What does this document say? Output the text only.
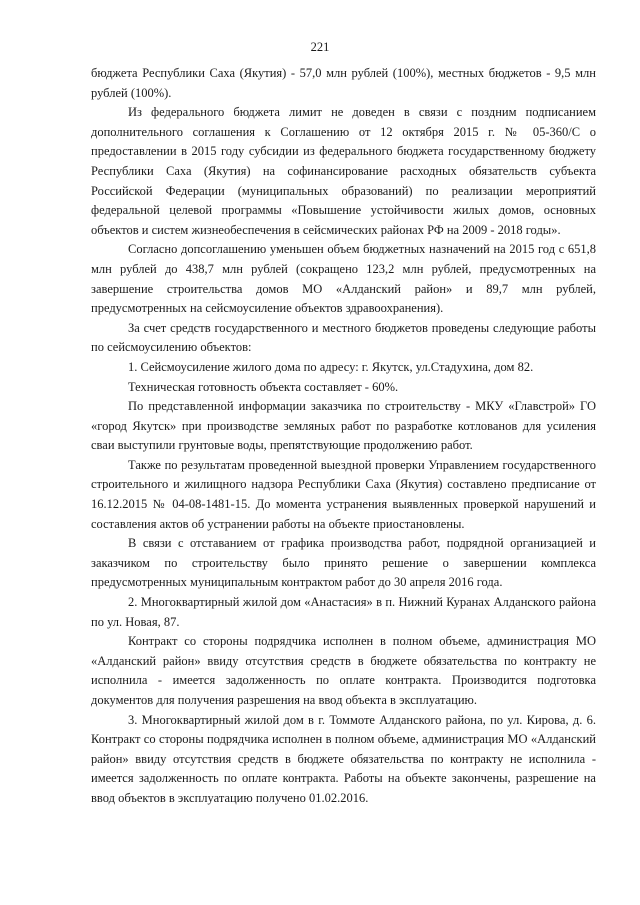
221

бюджета Республики Саха (Якутия) - 57,0 млн рублей (100%), местных бюджетов - 9,5 млн рублей (100%).

Из федерального бюджета лимит не доведен в связи с поздним подписанием дополнительного соглашения к Соглашению от 12 октября 2015 г. № 05-360/С о предоставлении в 2015 году субсидии из федерального бюджета государственному бюджету Республики Саха (Якутия) на софинансирование расходных обязательств субъекта Российской Федерации (муниципальных образований) по реализации мероприятий федеральной целевой программы «Повышение устойчивости жилых домов, основных объектов и систем жизнеобеспечения в сейсмических районах РФ на 2009 - 2018 годы».

Согласно допсоглашению уменьшен объем бюджетных назначений на 2015 год с 651,8 млн рублей до 438,7 млн рублей (сокращено 123,2 млн рублей, предусмотренных на завершение строительства домов МО «Алданский район» и 89,7 млн рублей, предусмотренных на сейсмоусиление объектов здравоохранения).

За счет средств государственного и местного бюджетов проведены следующие работы по сейсмоусилению объектов:

1. Сейсмоусиление жилого дома по адресу: г. Якутск, ул.Стадухина, дом 82.

Техническая готовность объекта составляет - 60%.

По представленной информации заказчика по строительству - МКУ «Главстрой» ГО «город Якутск» при производстве земляных работ по разработке котлованов для усиления сваи выступили грунтовые воды, препятствующие продолжению работ.

Также по результатам проведенной выездной проверки Управлением государственного строительного и жилищного надзора Республики Саха (Якутия) составлено предписание от 16.12.2015 № 04-08-1481-15. До момента устранения выявленных проверкой нарушений и составления актов об устранении работы на объекте приостановлены.

В связи с отставанием от графика производства работ, подрядной организацией и заказчиком по строительству было принято решение о завершении комплекса предусмотренных муниципальным контрактом работ до 30 апреля 2016 года.

2. Многоквартирный жилой дом «Анастасия» в п. Нижний Куранах Алданского района по ул. Новая, 87.

Контракт со стороны подрядчика исполнен в полном объеме, администрация МО «Алданский район» ввиду отсутствия средств в бюджете обязательства по контракту не исполнила - имеется задолженность по оплате контракта. Производится подготовка документов для получения разрешения на ввод объекта в эксплуатацию.

3. Многоквартирный жилой дом в г. Томмоте Алданского района, по ул. Кирова, д. 6. Контракт со стороны подрядчика исполнен в полном объеме, администрация МО «Алданский район» ввиду отсутствия средств в бюджете обязательства по контракту не исполнила - имеется задолженность по оплате контракта. Работы на объекте закончены, разрешение на ввод объектов в эксплуатацию получено 01.02.2016.
